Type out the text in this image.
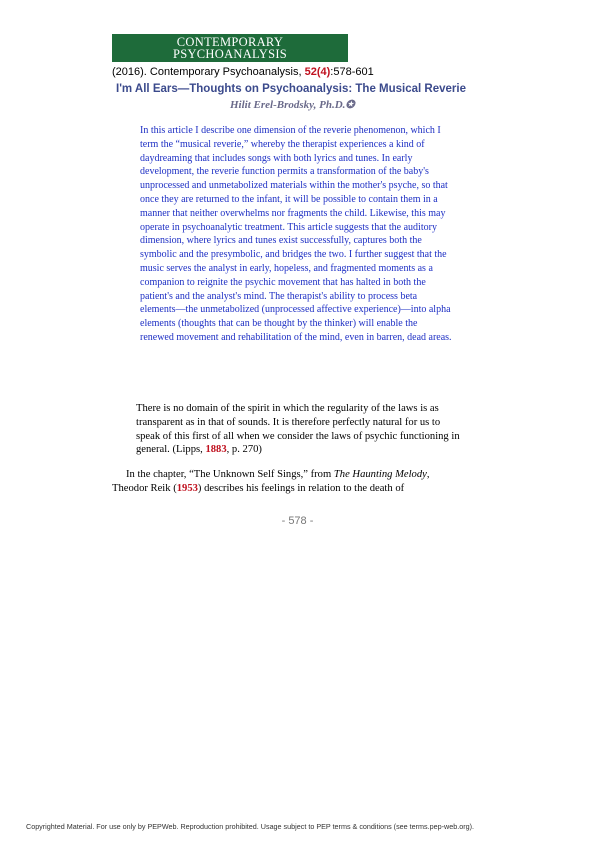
CONTEMPORARY
PSYCHOANALYSIS
(2016). Contemporary Psychoanalysis, 52(4):578-601
I'm All Ears—Thoughts on Psychoanalysis: The Musical Reverie
Hilit Erel-Brodsky, Ph.D.✪

In this article I describe one dimension of the reverie phenomenon, which I term the “musical reverie,” whereby the therapist experiences a kind of daydreaming that includes songs with both lyrics and tunes. In early development, the reverie function permits a transformation of the baby's unprocessed and unmetabolized materials within the mother's psyche, so that once they are returned to the infant, it will be possible to contain them in a manner that neither overwhelms nor fragments the child. Likewise, this may operate in psychoanalytic treatment. This article suggests that the auditory dimension, where lyrics and tunes exist successfully, captures both the symbolic and the presymbolic, and bridges the two. I further suggest that the music serves the analyst in early, hopeless, and fragmented moments as a companion to reignite the psychic movement that has halted in both the patient's and the analyst's mind. The therapist's ability to process beta elements—the unmetabolized (unprocessed affective experience)—into alpha elements (thoughts that can be thought by the thinker) will enable the renewed movement and rehabilitation of the mind, even in barren, dead areas.

There is no domain of the spirit in which the regularity of the laws is as transparent as in that of sounds. It is therefore perfectly natural for us to speak of this first of all when we consider the laws of psychic functioning in general. (Lipps, 1883, p. 270)

In the chapter, “The Unknown Self Sings,” from The Haunting Melody, Theodor Reik (1953) describes his feelings in relation to the death of

- 578 -
Copyrighted Material. For use only by PEPWeb. Reproduction prohibited. Usage subject to PEP terms & conditions (see terms.pep-web.org).
